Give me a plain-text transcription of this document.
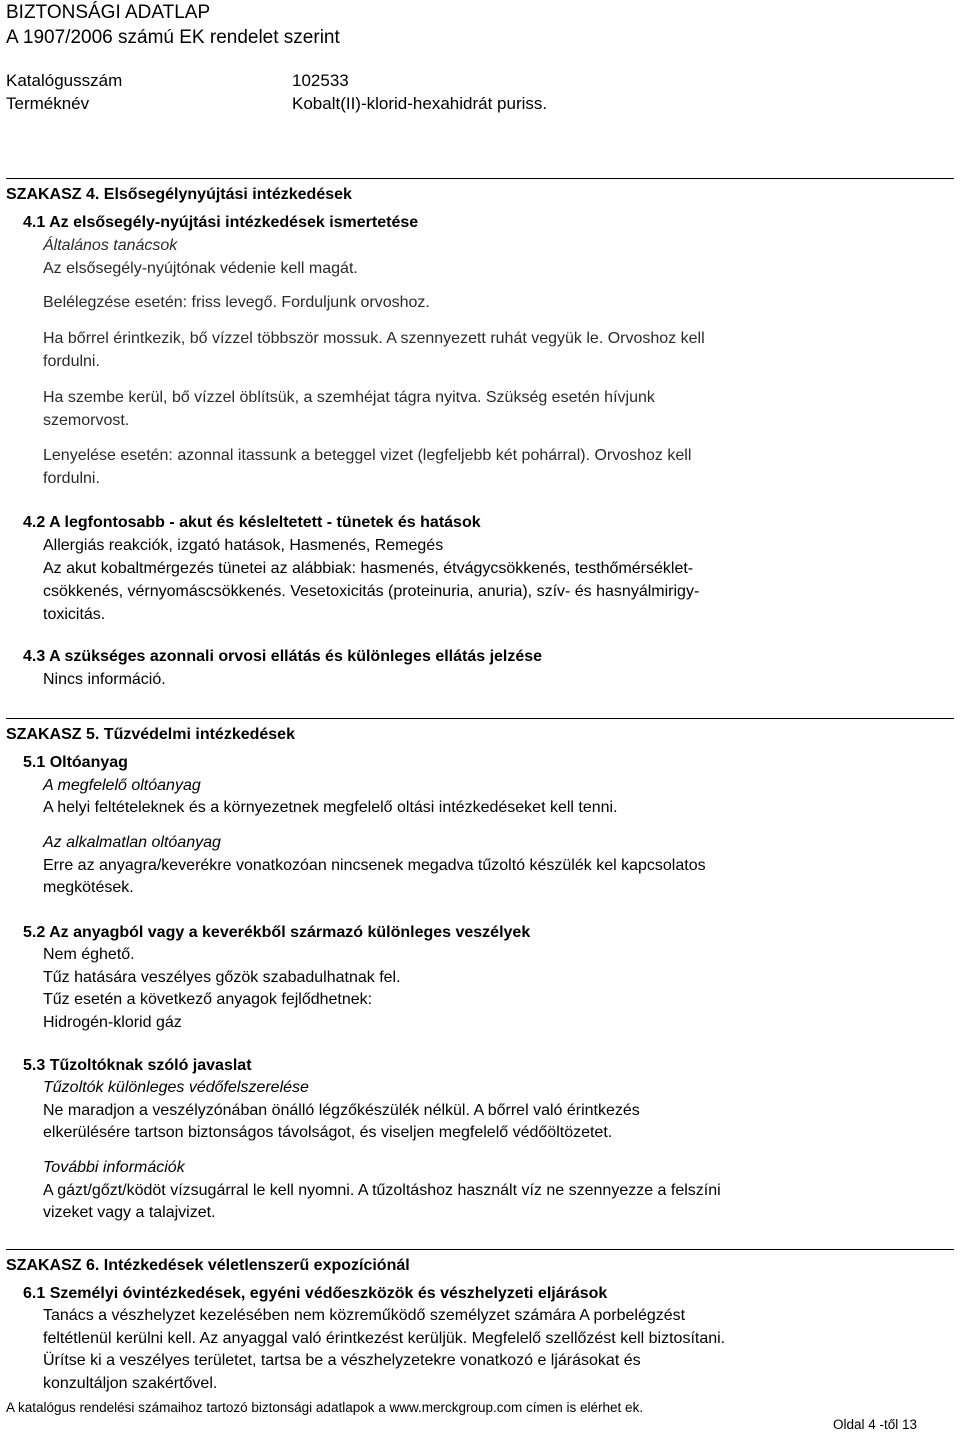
BIZTONSÁGI ADATLAP
A 1907/2006 számú EK rendelet szerint
Katalógusszám	102533
Terméknév	Kobalt(II)-klorid-hexahidrát puriss.
SZAKASZ 4. Elsősegélynyújtási intézkedések
4.1 Az elsősegély-nyújtási intézkedések ismertetése
Általános tanácsok
Az elsősegély-nyújtónak védenie kell magát.
Belélegzése esetén: friss levegő. Forduljunk orvoshoz.
Ha bőrrel érintkezik, bő vízzel többször mossuk. A szennyezett ruhát vegyük le. Orvoshoz kell
fordulni.
Ha szembe kerül, bő vízzel öblítsük, a szemhéjat tágra nyitva. Szükség esetén hívjunk
szemorvost.
Lenyelése esetén: azonnal itassunk a beteggel vizet (legfeljebb két pohárral). Orvoshoz kell
fordulni.
4.2 A legfontosabb - akut és késleltetett - tünetek és hatások
Allergiás reakciók, izgató hatások, Hasmenés, Remegés
Az akut kobaltmérgezés tünetei az alábbiak: hasmenés, étvágycsökkenés, testhőmérséklet-
csökkenés, vérnyomáscsökkenés. Vesetoxicitás (proteinuria, anuria), szív- és hasnyálmirigy-
toxicitás.
4.3 A szükséges azonnali orvosi ellátás és különleges ellátás jelzése
Nincs információ.
SZAKASZ 5. Tűzvédelmi intézkedések
5.1 Oltóanyag
A megfelelő oltóanyag
A helyi feltételeknek és a környezetnek megfelelő oltási intézkedéseket kell tenni.
Az alkalmatlan oltóanyag
Erre az anyagra/keverékre vonatkozóan nincsenek megadva tűzoltó készülék kel kapcsolatos
megkötések.
5.2 Az anyagból vagy a keverékből származó különleges veszélyek
Nem éghető.
Tűz hatására veszélyes gőzök szabadulhatnak fel.
Tűz esetén a következő anyagok fejlődhetnek:
Hidrogén-klorid gáz
5.3 Tűzoltóknak szóló javaslat
Tűzoltók különleges védőfelszerelése
Ne maradjon a veszélyzónában önálló légzőkészülék nélkül. A bőrrel való érintkezés
elkerülésére tartson biztonságos távolságot, és viseljen megfelelő védőöltözetet.
További információk
A gázt/gőzt/ködöt vízsugárral le kell nyomni. A tűzoltáshoz használt víz ne szennyezze a felszíni
vizeket vagy a talajvizet.
SZAKASZ 6. Intézkedések véletlenszerű expozíciónál
6.1 Személyi óvintézkedések, egyéni védőeszközök és vészhelyzeti eljárások
Tanács a vészhelyzet kezelésében nem közreműködő személyzet számára A porbelégzést
feltétlenül kerülni kell. Az anyaggal való érintkezést kerüljük. Megfelelő szellőzést kell biztosítani.
Ürítse ki a veszélyes területet, tartsa be a vészhelyzetekre vonatkozó e ljárásokat és
konzultáljon szakértővel.
A katalógus rendelési számaihoz tartozó biztonsági adatlapok a www.merckgroup.com címen is elérhet ek.
Oldal 4 -től 13
